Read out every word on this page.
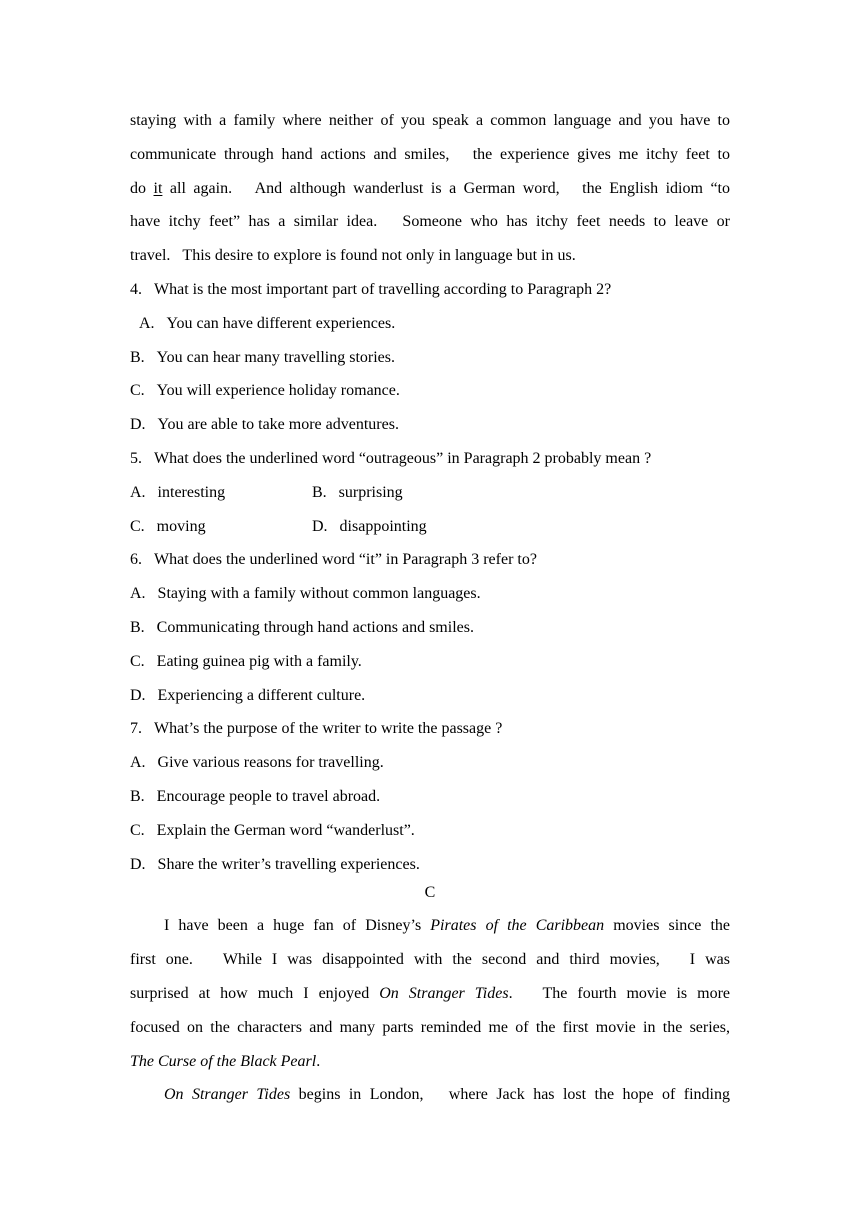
staying with a family where neither of you speak a common language and you have to
communicate through hand actions and smiles,   the experience gives me itchy feet to
do it all again.   And although wanderlust is a German word,   the English idiom “to
have itchy feet” has a similar idea.   Someone who has itchy feet needs to leave or
travel.   This desire to explore is found not only in language but in us.
4.   What is the most important part of travelling according to Paragraph 2?
A.   You can have different experiences.
B.   You can hear many travelling stories.
C.   You will experience holiday romance.
D.   You are able to take more adventures.
5.   What does the underlined word “outrageous” in Paragraph 2 probably mean ?
A.   interesting	B.   surprising
C.   moving	D.   disappointing
6.   What does the underlined word “it” in Paragraph 3 refer to?
A.   Staying with a family without common languages.
B.   Communicating through hand actions and smiles.
C.   Eating guinea pig with a family.
D.   Experiencing a different culture.
7.   What’s the purpose of the writer to write the passage ?
A.   Give various reasons for travelling.
B.   Encourage people to travel abroad.
C.   Explain the German word “wanderlust”.
D.   Share the writer’s travelling experiences.
C
I have been a huge fan of Disney’s Pirates of the Caribbean movies since the
first one.   While I was disappointed with the second and third movies,   I was
surprised at how much I enjoyed On Stranger Tides.   The fourth movie is more
focused on the characters and many parts reminded me of the first movie in the series,
The Curse of the Black Pearl.
On Stranger Tides begins in London,   where Jack has lost the hope of finding
